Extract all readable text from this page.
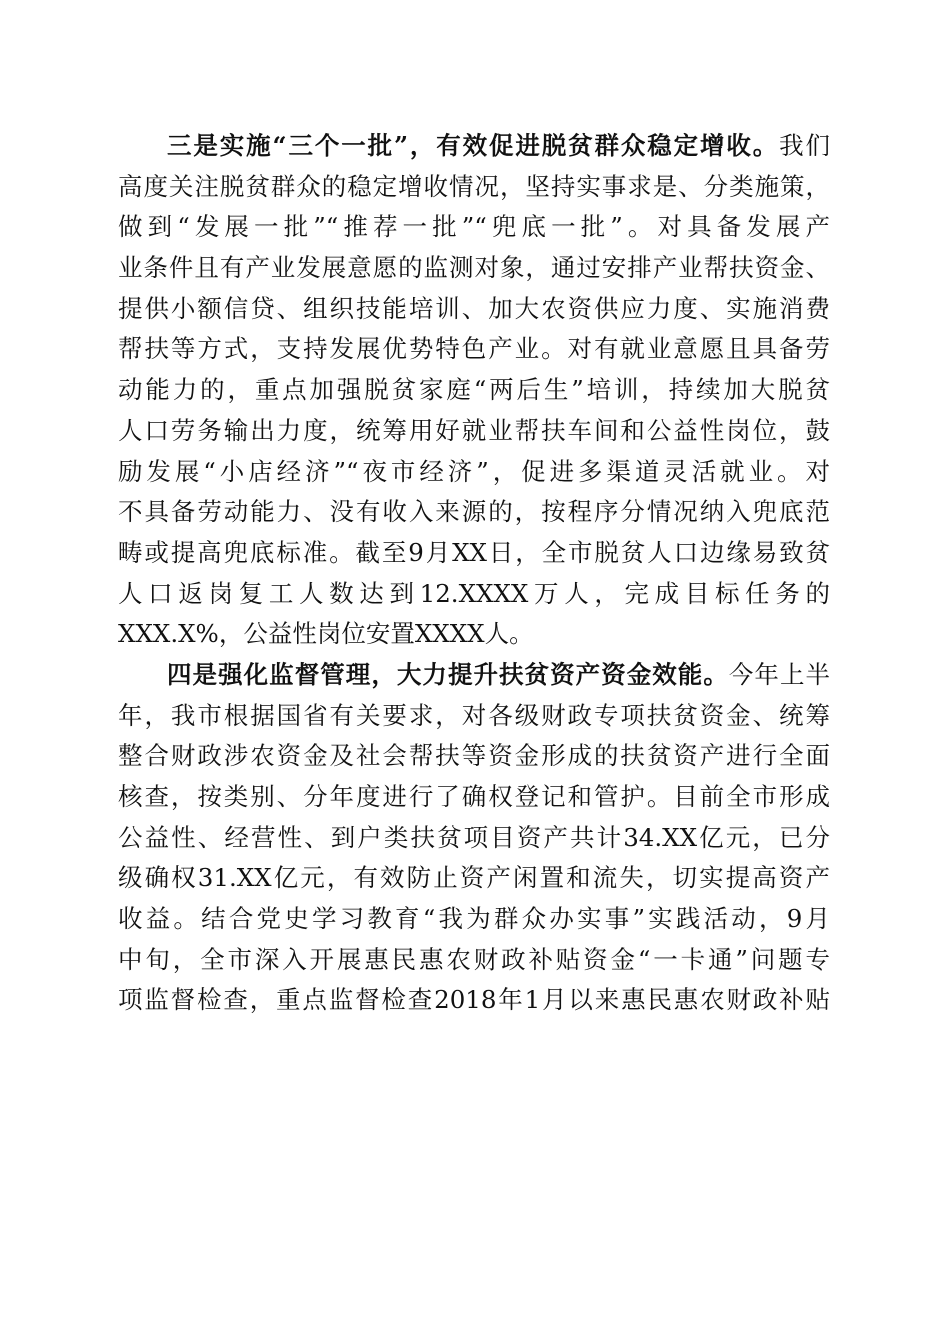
三是实施“三个一批”，有效促进脱贫群众稳定增收。我们
高度关注脱贫群众的稳定增收情况，坚持实事求是、分类施策，
做到“发展一批”“推荐一批”“兜底一批”。对具备发展产
业条件且有产业发展意愿的监测对象，通过安排产业帮扶资金、
提供小额信贷、组织技能培训、加大农资供应力度、实施消费
帮扶等方式，支持发展优势特色产业。对有就业意愿且具备劳
动能力的，重点加强脱贫家庭“两后生”培训，持续加大脱贫
人口劳务输出力度，统筹用好就业帮扶车间和公益性岗位，鼓
励发展“小店经济”“夜市经济”，促进多渠道灵活就业。对
不具备劳动能力、没有收入来源的，按程序分情况纳入兜底范
畴或提高兜底标准。截至9月XX日，全市脱贫人口边缘易致贫
人口返岗复工人数达到12.XXXX万人，完成目标任务的
XXX.X%，公益性岗位安置XXXX人。
四是强化监督管理，大力提升扶贫资产资金效能。今年上半
年，我市根据国省有关要求，对各级财政专项扶贫资金、统筹
整合财政涉农资金及社会帮扶等资金形成的扶贫资产进行全面
核查，按类别、分年度进行了确权登记和管护。目前全市形成
公益性、经营性、到户类扶贫项目资产共计34.XX亿元，已分
级确权31.XX亿元，有效防止资产闲置和流失，切实提高资产
收益。结合党史学习教育“我为群众办实事”实践活动，9月
中旬，全市深入开展惠民惠农财政补贴资金“一卡通”问题专
项监督检查，重点监督检查2018年1月以来惠民惠农财政补贴
